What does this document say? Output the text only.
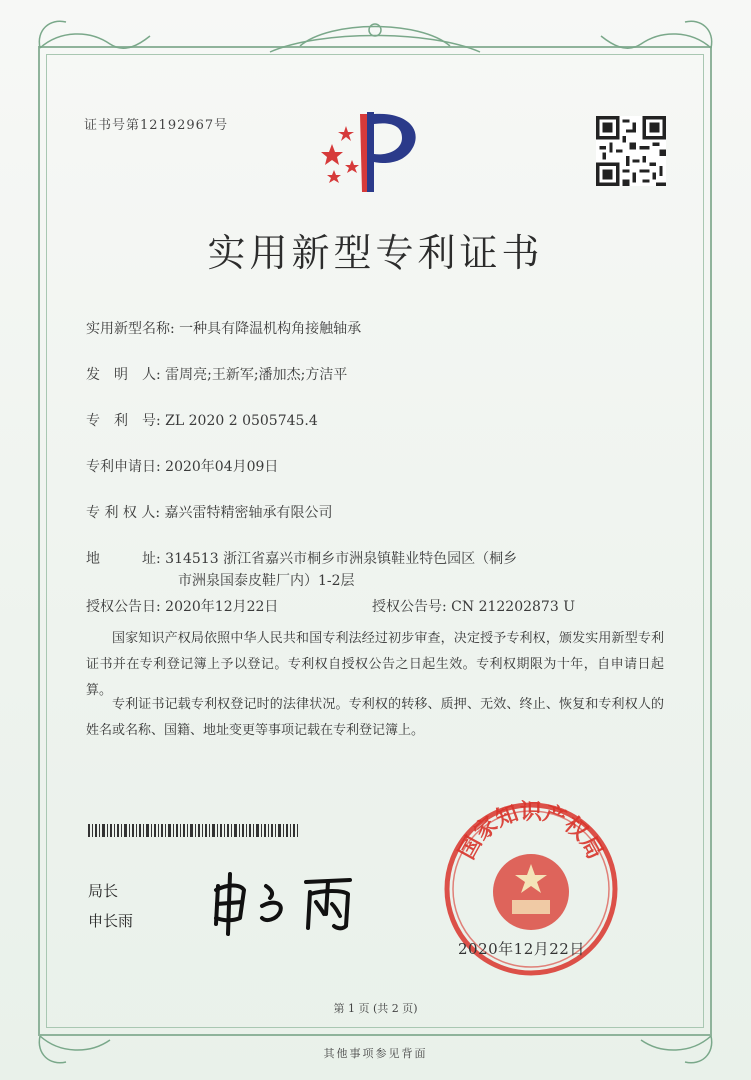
证书号第12192967号
实用新型专利证书
实用新型名称: 一种具有降温机构角接触轴承
发　明　人: 雷周亮;王新军;潘加杰;方洁平
专　利　号: ZL 2020 2 0505745.4
专利申请日: 2020年04月09日
专 利 权 人: 嘉兴雷特精密轴承有限公司
地　　　址: 314513 浙江省嘉兴市桐乡市洲泉镇鞋业特色园区（桐乡
市洲泉国泰皮鞋厂内）1-2层
授权公告日: 2020年12月22日	授权公告号: CN 212202873 U
国家知识产权局依照中华人民共和国专利法经过初步审查，决定授予专利权，颁发实用新型专利证书并在专利登记簿上予以登记。专利权自授权公告之日起生效。专利权期限为十年，自申请日起算。
专利证书记载专利权登记时的法律状况。专利权的转移、质押、无效、终止、恢复和专利权人的姓名或名称、国籍、地址变更等事项记载在专利登记簿上。
局长
申长雨
国家知识产权局
2020年12月22日
第 1 页 (共 2 页)
其他事项参见背面
